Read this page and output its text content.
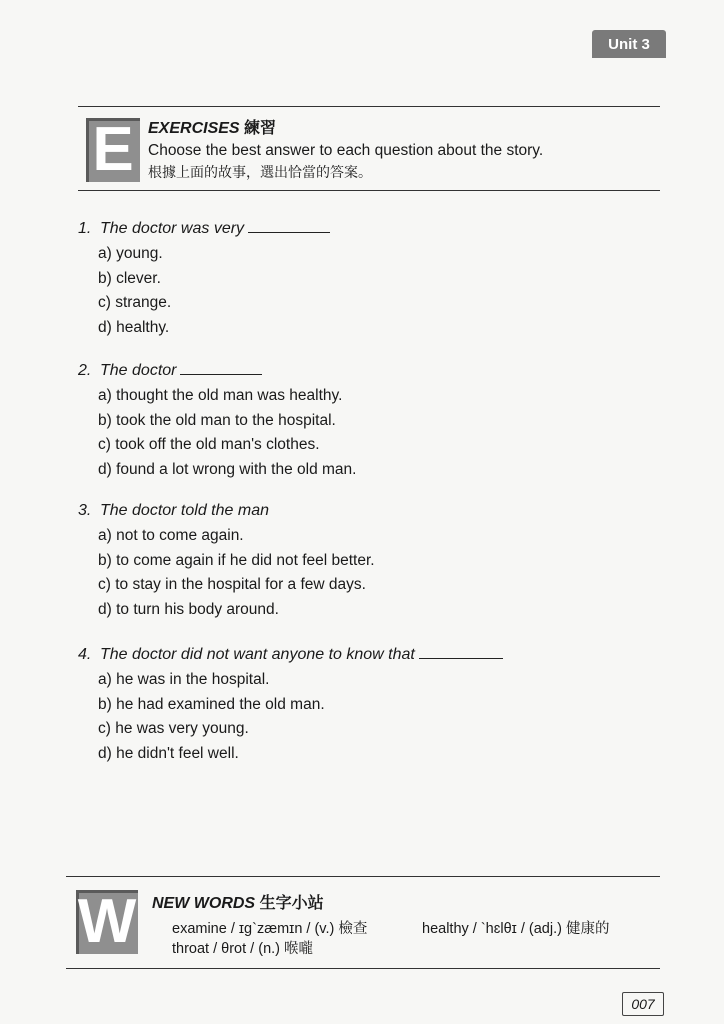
Unit 3
E EXERCISES 練習
Choose the best answer to each question about the story.
根據上面的故事，選出恰當的答案。
1. The doctor was very
a) young.
b) clever.
c) strange.
d) healthy.
2. The doctor
a) thought the old man was healthy.
b) took the old man to the hospital.
c) took off the old man's clothes.
d) found a lot wrong with the old man.
3. The doctor told the man
a) not to come again.
b) to come again if he did not feel better.
c) to stay in the hospital for a few days.
d) to turn his body around.
4. The doctor did not want anyone to know that
a) he was in the hospital.
b) he had examined the old man.
c) he was very young.
d) he didn't feel well.
W NEW WORDS 生字小站
examine / ɪg`zæmɪn / (v.) 檢查	healthy / `hɛlθɪ / (adj.) 健康的
throat / θrot / (n.) 喉嚨
007
